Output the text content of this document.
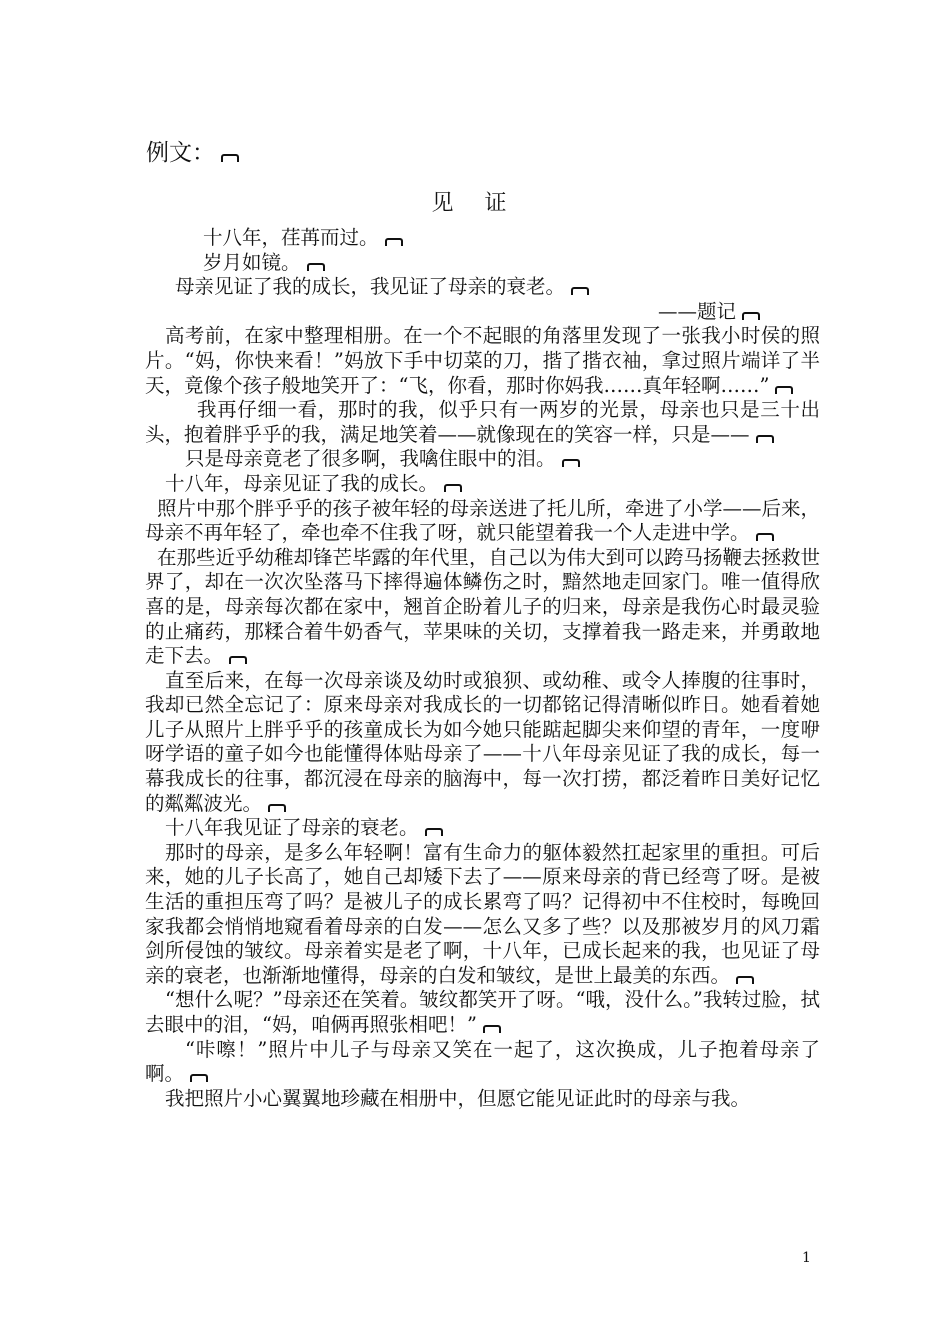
例文：
见 证

十八年，荏苒而过。

岁月如镜。

母亲见证了我的成长，我见证了母亲的衰老。

——题记

高考前，在家中整理相册。在一个不起眼的角落里发现了一张我小时侯的照片。“妈，你快来看！”妈放下手中切菜的刀，揩了揩衣袖，拿过照片端详了半天，竟像个孩子般地笑开了：“飞，你看，那时你妈我……真年轻啊……”

我再仔细一看，那时的我，似乎只有一两岁的光景，母亲也只是三十出头，抱着胖乎乎的我，满足地笑着——就像现在的笑容一样，只是——

只是母亲竟老了很多啊，我噙住眼中的泪。

十八年，母亲见证了我的成长。

照片中那个胖乎乎的孩子被年轻的母亲送进了托儿所，牵进了小学——后来，母亲不再年轻了，牵也牵不住我了呀，就只能望着我一个人走进中学。

在那些近乎幼稚却锋芒毕露的年代里，自己以为伟大到可以跨马扬鞭去拯救世界了，却在一次次坠落马下摔得遍体鳞伤之时，黯然地走回家门。唯一值得欣喜的是，母亲每次都在家中，翘首企盼着儿子的归来，母亲是我伤心时最灵验的止痛药，那糅合着牛奶香气，苹果味的关切，支撑着我一路走来，并勇敢地走下去。

直至后来，在每一次母亲谈及幼时或狼狈、或幼稚、或令人捧腹的往事时，我却已然全忘记了：原来母亲对我成长的一切都铭记得清晰似昨日。她看着她儿子从照片上胖乎乎的孩童成长为如今她只能踮起脚尖来仰望的青年，一度咿呀学语的童子如今也能懂得体贴母亲了——十八年母亲见证了我的成长，每一幕我成长的往事，都沉浸在母亲的脑海中，每一次打捞，都泛着昨日美好记忆的粼粼波光。

十八年我见证了母亲的衰老。

那时的母亲，是多么年轻啊！富有生命力的躯体毅然扛起家里的重担。可后来，她的儿子长高了，她自己却矮下去了——原来母亲的背已经弯了呀。是被生活的重担压弯了吗？是被儿子的成长累弯了吗？记得初中不住校时，每晚回家我都会悄悄地窥看着母亲的白发——怎么又多了些？以及那被岁月的风刀霜剑所侵蚀的皱纹。母亲着实是老了啊，十八年，已成长起来的我，也见证了母亲的衰老，也渐渐地懂得，母亲的白发和皱纹，是世上最美的东西。

“想什么呢？”母亲还在笑着。皱纹都笑开了呀。“哦，没什么。”我转过脸，拭去眼中的泪，“妈，咱俩再照张相吧！”

“咔嚓！”照片中儿子与母亲又笑在一起了，这次换成，儿子抱着母亲了啊。

我把照片小心翼翼地珍藏在相册中，但愿它能见证此时的母亲与我。

1
